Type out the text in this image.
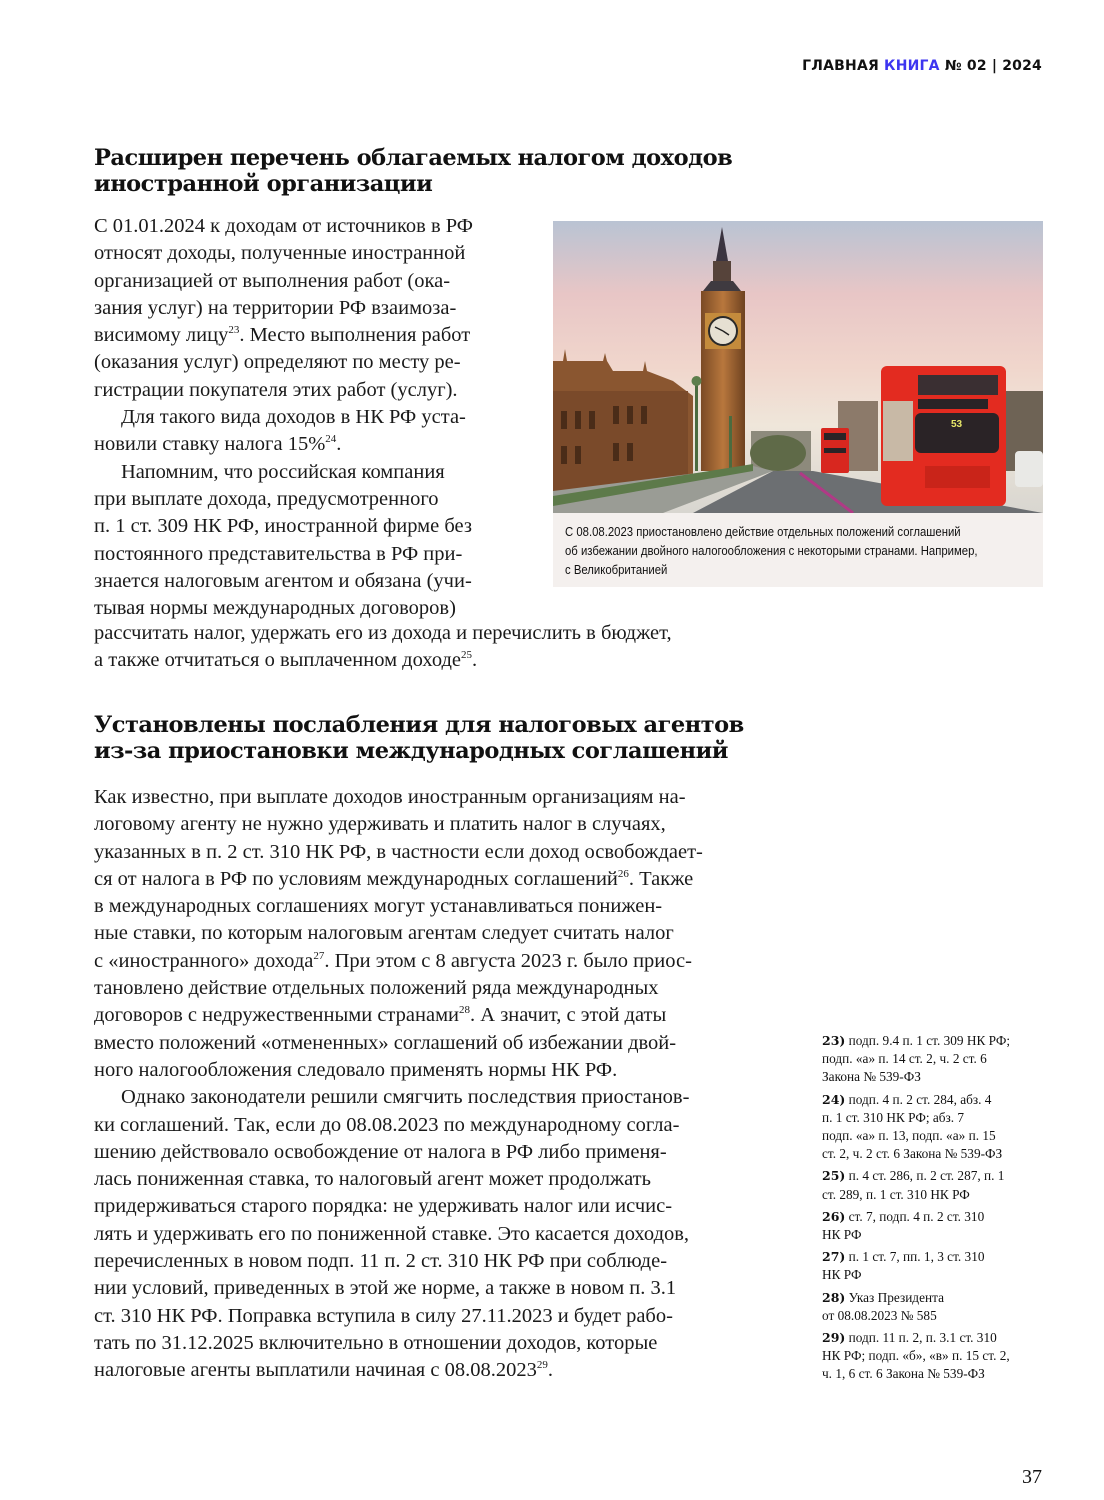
ГЛАВНАЯ КНИГА № 02 | 2024
Расширен перечень облагаемых налогом доходов
иностранной организации
С 01.01.2024 к доходам от источников в РФ
относят доходы, полученные иностранной
организацией от выполнения работ (ока-
зания услуг) на территории РФ взаимоза-
висимому лицу$^{23}$. Место выполнения работ
(оказания услуг) определяют по месту ре-
гистрации покупателя этих работ (услуг).
Для такого вида доходов в НК РФ уста-
новили ставку налога 15%$^{24}$.
Напомним, что российская компания
при выплате дохода, предусмотренного
п. 1 ст. 309 НК РФ, иностранной фирме без
постоянного представительства в РФ при-
знается налоговым агентом и обязана (учи-
тывая нормы международных договоров)
рассчитать налог, удержать его из дохода и перечислить в бюджет,
а также отчитаться о выплаченном доходе$^{25}$.
53
С 08.08.2023 приостановлено действие отдельных положений соглашений
об избежании двойного налогообложения с некоторыми странами. Например,
с Великобританией
Установлены послабления для налоговых агентов
из-за приостановки международных соглашений
Как известно, при выплате доходов иностранным организациям на-
логовому агенту не нужно удерживать и платить налог в случаях,
указанных в п. 2 ст. 310 НК РФ, в частности если доход освобождает-
ся от налога в РФ по условиям международных соглашений$^{26}$. Также
в международных соглашениях могут устанавливаться понижен-
ные ставки, по которым налоговым агентам следует считать налог
с «иностранного» дохода$^{27}$. При этом с 8 августа 2023 г. было приос-
тановлено действие отдельных положений ряда международных
договоров с недружественными странами$^{28}$. А значит, с этой даты
вместо положений «отмененных» соглашений об избежании двой-
ного налогообложения следовало применять нормы НК РФ.
Однако законодатели решили смягчить последствия приостанов-
ки соглашений. Так, если до 08.08.2023 по международному согла-
шению действовало освобождение от налога в РФ либо применя-
лась пониженная ставка, то налоговый агент может продолжать
придерживаться старого порядка: не удерживать налог или исчис-
лять и удерживать его по пониженной ставке. Это касается доходов,
перечисленных в новом подп. 11 п. 2 ст. 310 НК РФ при соблюде-
нии условий, приведенных в этой же норме, а также в новом п. 3.1
ст. 310 НК РФ. Поправка вступила в силу 27.11.2023 и будет рабо-
тать по 31.12.2025 включительно в отношении доходов, которые
налоговые агенты выплатили начиная с 08.08.2023$^{29}$.
23) подп. 9.4 п. 1 ст. 309 НК РФ;
подп. «а» п. 14 ст. 2, ч. 2 ст. 6
Закона № 539-ФЗ
24) подп. 4 п. 2 ст. 284, абз. 4
п. 1 ст. 310 НК РФ; абз. 7
подп. «а» п. 13, подп. «а» п. 15
ст. 2, ч. 2 ст. 6 Закона № 539-ФЗ
25) п. 4 ст. 286, п. 2 ст. 287, п. 1
ст. 289, п. 1 ст. 310 НК РФ
26) ст. 7, подп. 4 п. 2 ст. 310
НК РФ
27) п. 1 ст. 7, пп. 1, 3 ст. 310
НК РФ
28) Указ Президента
от 08.08.2023 № 585
29) подп. 11 п. 2, п. 3.1 ст. 310
НК РФ; подп. «б», «в» п. 15 ст. 2,
ч. 1, 6 ст. 6 Закона № 539-ФЗ
37
